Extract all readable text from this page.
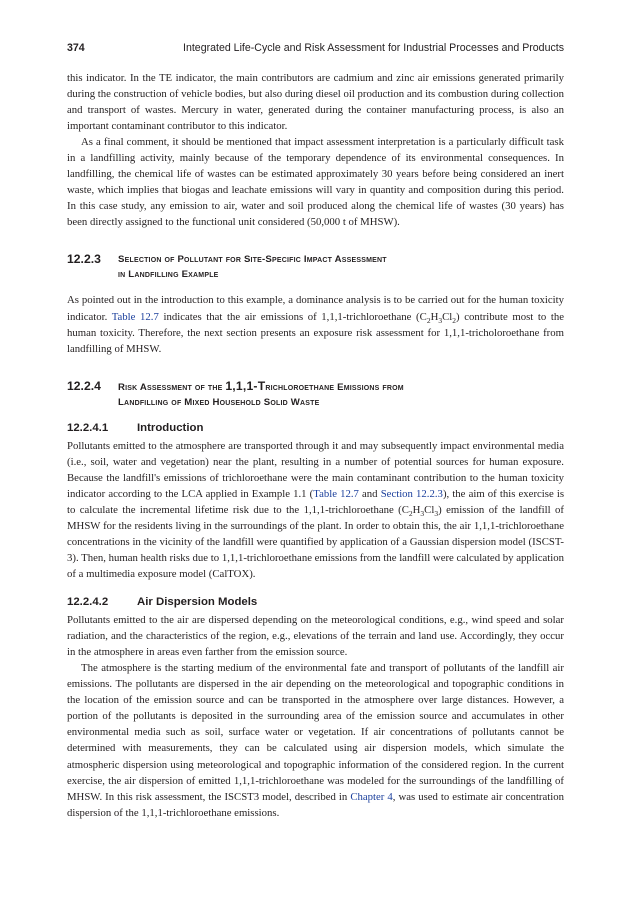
374	Integrated Life-Cycle and Risk Assessment for Industrial Processes and Products

this indicator. In the TE indicator, the main contributors are cadmium and zinc air emissions generated primarily during the construction of vehicle bodies, but also during diesel oil production and its combustion during collection and transport of wastes. Mercury in water, generated during the container manufacturing process, is also an important contaminant contributor to this indicator.

As a final comment, it should be mentioned that impact assessment interpretation is a particularly difficult task in a landfilling activity, mainly because of the temporary dependence of its environmental consequences. In landfilling, the chemical life of wastes can be estimated approximately 30 years before being considered an inert waste, which implies that biogas and leachate emissions will vary in quantity and composition during this period. In this case study, any emission to air, water and soil produced along the chemical life of wastes (30 years) has been directly assigned to the functional unit considered (50,000 t of MHSW).

12.2.3	Selection of Pollutant for Site-Specific Impact Assessment
in Landfilling Example

As pointed out in the introduction to this example, a dominance analysis is to be carried out for the human toxicity indicator. Table 12.7 indicates that the air emissions of 1,1,1-trichloroethane $(C_2H_3Cl_2)$ contribute most to the human toxicity. Therefore, the next section presents an exposure risk assessment for 1,1,1-tricholoroethane from landfilling of MHSW.

12.2.4	Risk Assessment of the 1,1,1-Trichloroethane Emissions from
Landfilling of Mixed Household Solid Waste
12.2.4.1	Introduction

Pollutants emitted to the atmosphere are transported through it and may subsequently impact environmental media (i.e., soil, water and vegetation) near the plant, resulting in a number of potential sources for human exposure. Because the landfill's emissions of trichloroethane were the main contaminant contribution to the human toxicity indicator according to the LCA applied in Example 1.1 (Table 12.7 and Section 12.2.3), the aim of this exercise is to calculate the incremental lifetime risk due to the 1,1,1-trichloroethane $(C_2H_3Cl_3)$ emission of the landfill of MHSW for the residents living in the surroundings of the plant. In order to obtain this, the air 1,1,1-trichloroethane concentrations in the vicinity of the landfill were quantified by application of a Gaussian dispersion model (ISCST-3). Then, human health risks due to 1,1,1-trichloroethane emissions from the landfill were calculated by application of a multimedia exposure model (CalTOX).

12.2.4.2	Air Dispersion Models

Pollutants emitted to the air are dispersed depending on the meteorological conditions, e.g., wind speed and solar radiation, and the characteristics of the region, e.g., elevations of the terrain and land use. Accordingly, they occur in the atmosphere in areas even farther from the emission source.

The atmosphere is the starting medium of the environmental fate and transport of pollutants of the landfill air emissions. The pollutants are dispersed in the air depending on the meteorological and topographic conditions in the location of the emission source and can be transported in the atmosphere over large distances. However, a portion of the pollutants is deposited in the surrounding area of the emission source and accumulates in other environmental media such as soil, surface water or vegetation. If air concentrations of pollutants cannot be determined with measurements, they can be calculated using air dispersion models, which simulate the atmospheric dispersion using meteorological and topographic information of the considered region. In the current exercise, the air dispersion of emitted 1,1,1-trichloroethane was modeled for the surroundings of the landfilling of MHSW. In this risk assessment, the ISCST3 model, described in Chapter 4, was used to estimate air concentration dispersion of the 1,1,1-trichloroethane emissions.
